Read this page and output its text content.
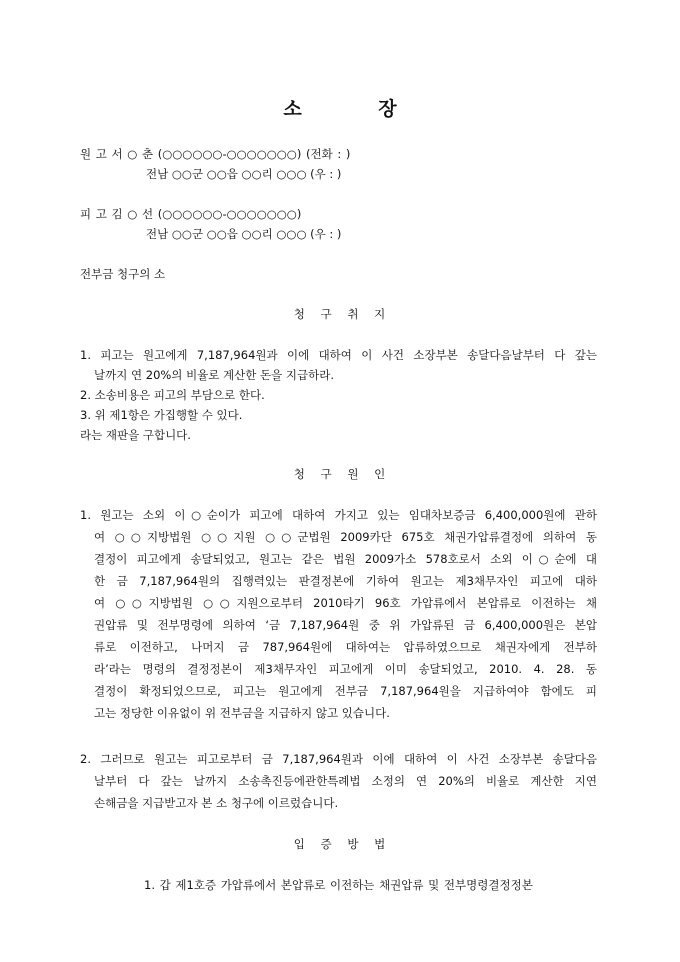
소 장
원 고 서 ○ 춘 (○○○○○○-○○○○○○○) (전화 : )
전남 ○○군 ○○읍 ○○리 ○○○ (우 : )
피 고 김 ○ 선 (○○○○○○-○○○○○○○)
전남 ○○군 ○○읍 ○○리 ○○○ (우 : )
전부금 청구의 소
청 구 취 지
1. 피고는 원고에게 7,187,964원과 이에 대하여 이 사건 소장부본 송달다음날부터 다 갚는
날까지 연 20%의 비율로 계산한 돈을 지급하라.
2. 소송비용은 피고의 부담으로 한다.
3. 위 제1항은 가집행할 수 있다.
라는 재판을 구합니다.
청 구 원 인
1. 원고는 소외 이○순이가 피고에 대하여 가지고 있는 임대차보증금 6,400,000원에 관하
여 ○○지방법원 ○○지원 ○○군법원 2009카단 675호 채권가압류결정에 의하여 동
결정이 피고에게 송달되었고, 원고는 같은 법원 2009가소 578호로서 소외 이○순에 대
한 금 7,187,964원의 집행력있는 판결정본에 기하여 원고는 제3채무자인 피고에 대하
여 ○○지방법원 ○○지원으로부터 2010타기 96호 가압류에서 본압류로 이전하는 채
권압류 및 전부명령에 의하여 ‘금 7,187,964원 중 위 가압류된 금 6,400,000원은 본압
류로 이전하고, 나머지 금 787,964원에 대하여는 압류하였으므로 채권자에게 전부하
라’라는 명령의 결정정본이 제3채무자인 피고에게 이미 송달되었고, 2010. 4. 28. 동
결정이 확정되었으므로, 피고는 원고에게 전부금 7,187,964원을 지급하여야 함에도 피
고는 정당한 이유없이 위 전부금을 지급하지 않고 있습니다.
2. 그러므로 원고는 피고로부터 금 7,187,964원과 이에 대하여 이 사건 소장부본 송달다음
날부터 다 갚는 날까지 소송촉진등에관한특례법 소정의 연 20%의 비율로 계산한 지연
손해금을 지급받고자 본 소 청구에 이르렀습니다.
입 증 방 법
1. 갑 제1호증 가압류에서 본압류로 이전하는 채권압류 및 전부명령결정정본
